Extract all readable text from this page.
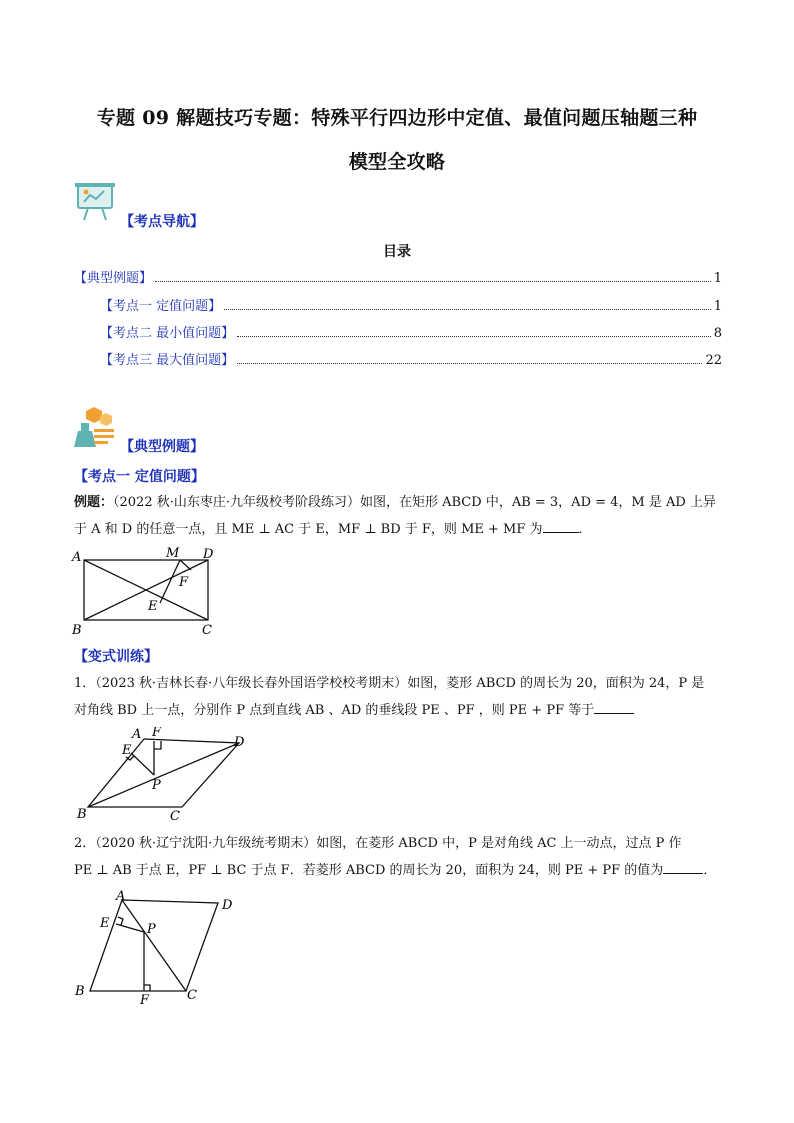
专题 09 解题技巧专题：特殊平行四边形中定值、最值问题压轴题三种
模型全攻略
【考点导航】
目录
【典型例题】	1
【考点一 定值问题】	1
【考点二 最小值问题】	8
【考点三 最大值问题】	22
【典型例题】
【考点一 定值问题】
例题：（2022 秋·山东枣庄·九年级校考阶段练习）如图，在矩形 ABCD 中，AB = 3，AD = 4，M 是 AD 上异
于 A 和 D 的任意一点，且 ME ⊥ AC 于 E，MF ⊥ BD 于 F，则 ME + MF 为	．
A	M D
F
E
B	C
【变式训练】
1．（2023 秋·吉林长春·八年级长春外国语学校校考期末）如图，菱形 ABCD 的周长为 20，面积为 24，P 是
对角线 BD 上一点，分别作 P 点到直线 AB 、AD 的垂线段 PE 、PF ，则 PE + PF 等于
A F
D
E
P
B	C
2．（2020 秋·辽宁沈阳·九年级统考期末）如图，在菱形 ABCD 中，P 是对角线 AC 上一动点，过点 P 作
PE ⊥ AB 于点 E，PF ⊥ BC 于点 F．若菱形 ABCD 的周长为 20，面积为 24，则 PE + PF 的值为	．
A
D
E	P
B
F	C
